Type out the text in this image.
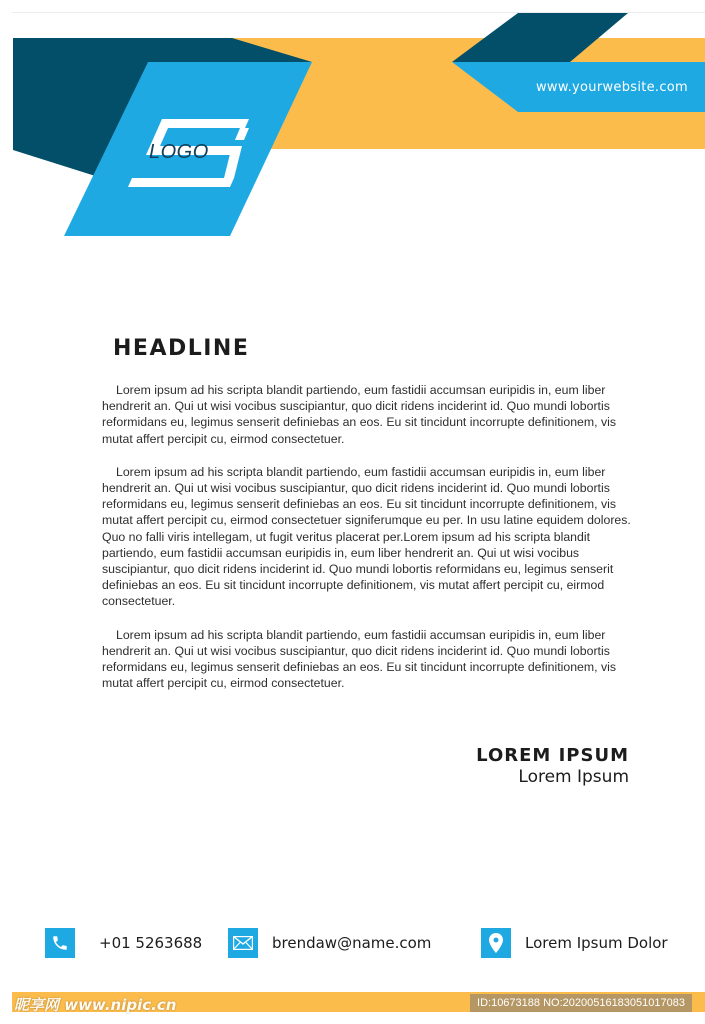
www.yourwebsite.com
LOGO
HEADLINE

Lorem ipsum ad his scripta blandit partiendo, eum fastidii accumsan euripidis in, eum liber hendrerit an. Qui ut wisi vocibus suscipiantur, quo dicit ridens inciderint id. Quo mundi lobortis reformidans eu, legimus senserit definiebas an eos. Eu sit tincidunt incorrupte definitionem, vis mutat affert percipit cu, eirmod consectetuer.

Lorem ipsum ad his scripta blandit partiendo, eum fastidii accumsan euripidis in, eum liber hendrerit an. Qui ut wisi vocibus suscipiantur, quo dicit ridens inciderint id. Quo mundi lobortis reformidans eu, legimus senserit definiebas an eos. Eu sit tincidunt incorrupte definitionem, vis mutat affert percipit cu, eirmod consectetuer signiferumque eu per. In usu latine equidem dolores. Quo no falli viris intellegam, ut fugit veritus placerat per.Lorem ipsum ad his scripta blandit partiendo, eum fastidii accumsan euripidis in, eum liber hendrerit an. Qui ut wisi vocibus suscipiantur, quo dicit ridens inciderint id. Quo mundi lobortis reformidans eu, legimus senserit definiebas an eos. Eu sit tincidunt incorrupte definitionem, vis mutat affert percipit cu, eirmod consectetuer.

Lorem ipsum ad his scripta blandit partiendo, eum fastidii accumsan euripidis in, eum liber hendrerit an. Qui ut wisi vocibus suscipiantur, quo dicit ridens inciderint id. Quo mundi lobortis reformidans eu, legimus senserit definiebas an eos. Eu sit tincidunt incorrupte definitionem, vis mutat affert percipit cu, eirmod consectetuer.

LOREM IPSUM
Lorem Ipsum
+01 5263688	brendaw@name.com	Lorem Ipsum Dolor
昵享网 www.nipic.cn	ID:10673188 NO:20200516183051017083
